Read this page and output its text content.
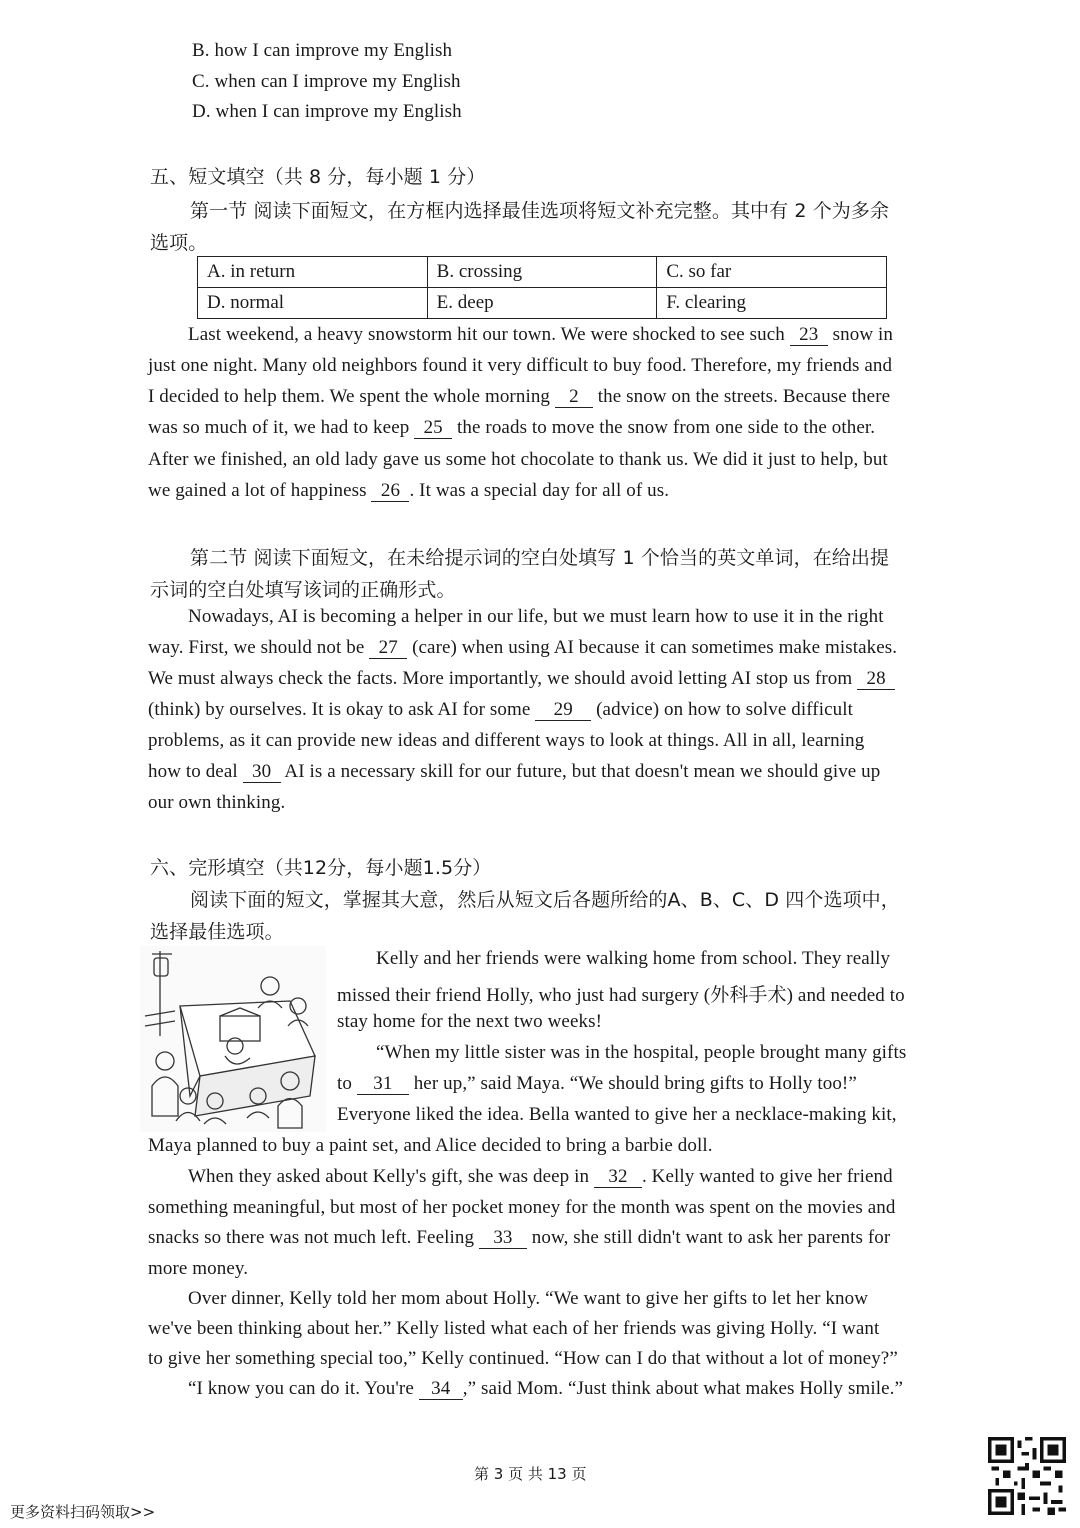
B. how I can improve my English
C. when can I improve my English
D. when I can improve my English
五、短文填空（共 8 分，每小题 1 分）
第一节 阅读下面短文，在方框内选择最佳选项将短文补充完整。其中有 2 个为多余
选项。
A. in return	B. crossing	C. so far
D. normal	E. deep	F. clearing
Last weekend, a heavy snowstorm hit our town. We were shocked to see such 23 snow in
just one night. Many old neighbors found it very difficult to buy food. Therefore, my friends and
I decided to help them. We spent the whole morning 2 the snow on the streets. Because there
was so much of it, we had to keep 25 the roads to move the snow from one side to the other.
After we finished, an old lady gave us some hot chocolate to thank us. We did it just to help, but
we gained a lot of happiness 26 . It was a special day for all of us.
第二节 阅读下面短文，在未给提示词的空白处填写 1 个恰当的英文单词，在给出提
示词的空白处填写该词的正确形式。
Nowadays, AI is becoming a helper in our life, but we must learn how to use it in the right
way. First, we should not be 27 (care) when using AI because it can sometimes make mistakes.
We must always check the facts. More importantly, we should avoid letting AI stop us from 28
(think) by ourselves. It is okay to ask AI for some 29 (advice) on how to solve difficult
problems, as it can provide new ideas and different ways to look at things. All in all, learning
how to deal 30 AI is a necessary skill for our future, but that doesn't mean we should give up
our own thinking.
六、完形填空（共12分，每小题1.5分）
阅读下面的短文，掌握其大意，然后从短文后各题所给的A、B、C、D 四个选项中，
选择最佳选项。
Kelly and her friends were walking home from school. They really
missed their friend Holly, who just had surgery (外科手术) and needed to
stay home for the next two weeks!
“When my little sister was in the hospital, people brought many gifts
to 31 her up,” said Maya. “We should bring gifts to Holly too!”
Everyone liked the idea. Bella wanted to give her a necklace-making kit,
Maya planned to buy a paint set, and Alice decided to bring a barbie doll.
When they asked about Kelly's gift, she was deep in 32 . Kelly wanted to give her friend
something meaningful, but most of her pocket money for the month was spent on the movies and
snacks so there was not much left. Feeling 33 now, she still didn't want to ask her parents for
more money.
Over dinner, Kelly told her mom about Holly. “We want to give her gifts to let her know
we've been thinking about her.” Kelly listed what each of her friends was giving Holly. “I want
to give her something special too,” Kelly continued. “How can I do that without a lot of money?”
“I know you can do it. You're 34 ,” said Mom. “Just think about what makes Holly smile.”
第 3 页 共 13 页
更多资料扫码领取>>
